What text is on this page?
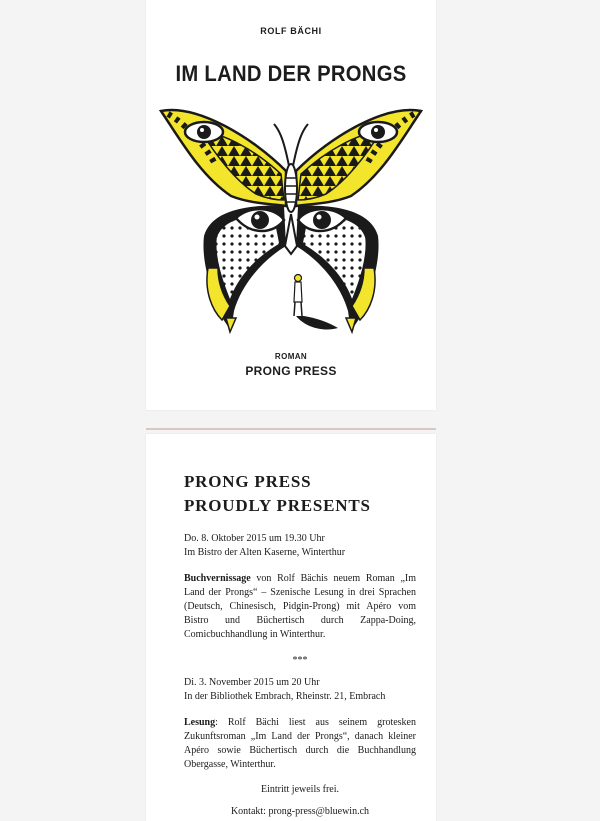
ROLF BÄCHI
IM LAND DER PRONGS
ROMAN
PRONG PRESS
PRONG PRESS
PROUDLY PRESENTS

Do. 8. Oktober 2015 um 19.30 Uhr

Im Bistro der Alten Kaserne, Winterthur

Buchvernissage von Rolf Bächis neuem Roman „Im Land der Prongs“ – Szenische Lesung in drei Sprachen (Deutsch, Chinesisch, Pidgin-Prong) mit Apéro vom Bistro und Büchertisch durch Zappa-Doing, Comicbuchhandlung in Winterthur.

***

Di. 3. November 2015 um 20 Uhr

In der Bibliothek Embrach, Rheinstr. 21, Embrach

Lesung: Rolf Bächi liest aus seinem grotesken Zukunftsroman „Im Land der Prongs“, danach kleiner Apéro sowie Büchertisch durch die Buchhandlung Obergasse, Winterthur.

Eintritt jeweils frei.

Kontakt: prong-press@bluewin.ch
